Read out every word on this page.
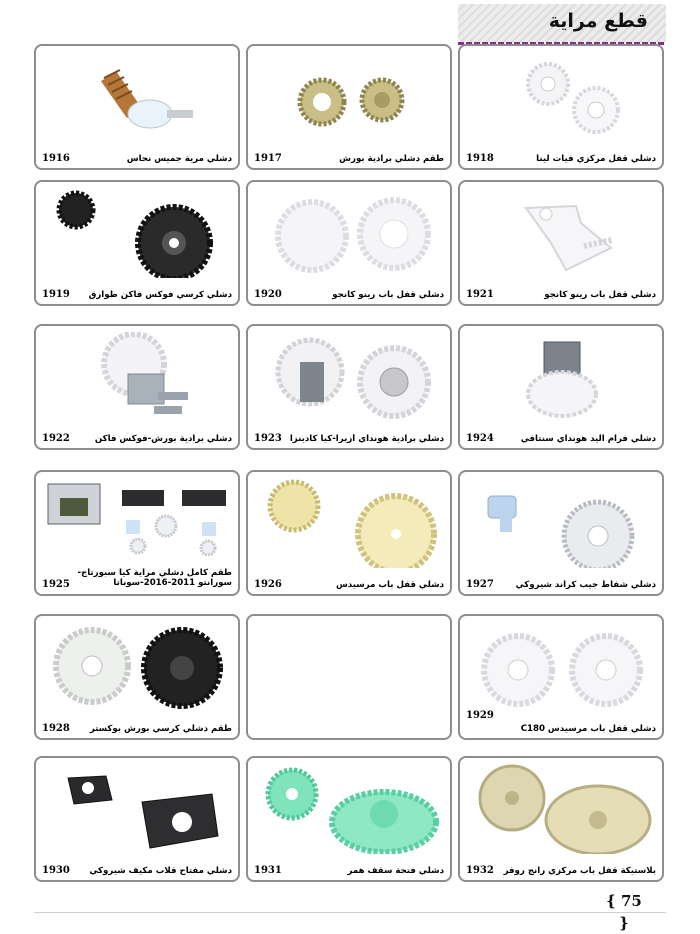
قطع مراية
دشلي مرية جميس نحاس
1916	طقم دشلي برادية بورش
1917	دشلي قفل مركزي فيات لينا
1918
دشلي كرسي فوكس فاكن طوارق
1919	دشلي قفل باب رينو كانجو
1920	دشلي قفل باب رينو كانجو
1921
دشلي برادية بورش-فوكس فاكن
1922	دشلي برادية هونداي أزيرا-كيا كادينزا
1923	دشلي فرام اليد هونداي سنتافي
1924
طقم كامل دشلي مراية كيا سبورتاج- سورانتو 2011-2016-سوناتا
1925	دشلي قفل باب مرسيدس
1926	دشلي شفاط جيب كراند شيروكي
1927
طقم دشلي كرسي بورش بوكستر
1928	دشلي قفل باب مرسيدس C180
1929
دشلي مفتاح قلاب مكيف شيروكي
1930	دشلي فتحة سقف همر
1931	بلاستيكة قفل باب مركزي رانج روفر
1932
{ 75 }
